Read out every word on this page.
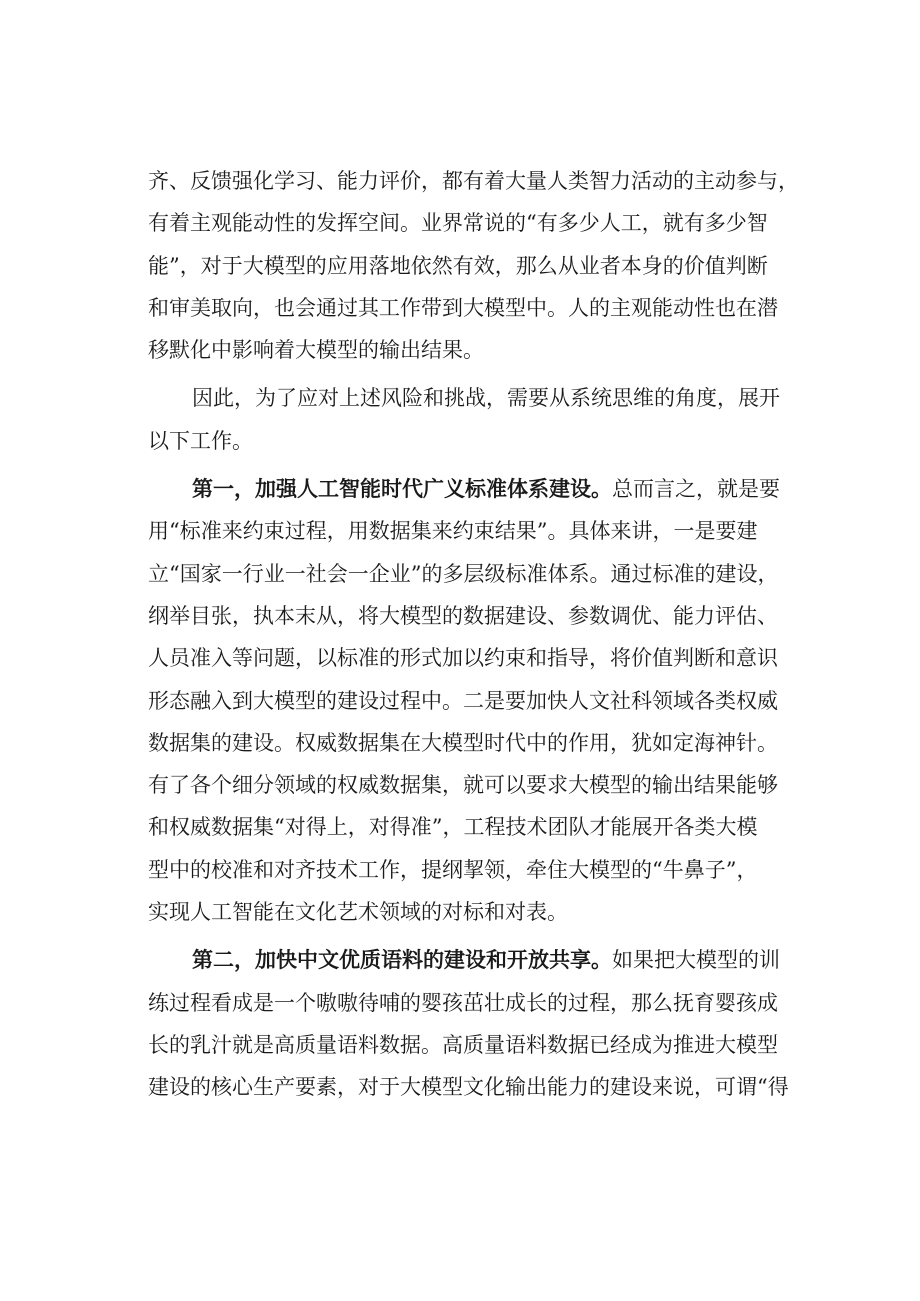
齐、反馈强化学习、能力评价，都有着大量人类智力活动的主动参与，
有着主观能动性的发挥空间。业界常说的“有多少人工，就有多少智
能”，对于大模型的应用落地依然有效，那么从业者本身的价值判断
和审美取向，也会通过其工作带到大模型中。人的主观能动性也在潜
移默化中影响着大模型的输出结果。
因此，为了应对上述风险和挑战，需要从系统思维的角度，展开
以下工作。
第一，加强人工智能时代广义标准体系建设。总而言之，就是要
用“标准来约束过程，用数据集来约束结果”。具体来讲，一是要建
立“国家一行业一社会一企业”的多层级标准体系。通过标准的建设，
纲举目张，执本末从，将大模型的数据建设、参数调优、能力评估、
人员准入等问题，以标准的形式加以约束和指导，将价值判断和意识
形态融入到大模型的建设过程中。二是要加快人文社科领域各类权威
数据集的建设。权威数据集在大模型时代中的作用，犹如定海神针。
有了各个细分领域的权威数据集，就可以要求大模型的输出结果能够
和权威数据集“对得上，对得准”，工程技术团队才能展开各类大模
型中的校准和对齐技术工作，提纲挈领，牵住大模型的“牛鼻子”，
实现人工智能在文化艺术领域的对标和对表。
第二，加快中文优质语料的建设和开放共享。如果把大模型的训
练过程看成是一个嗷嗷待哺的婴孩茁壮成长的过程，那么抚育婴孩成
长的乳汁就是高质量语料数据。高质量语料数据已经成为推进大模型
建设的核心生产要素，对于大模型文化输出能力的建设来说，可谓“得
